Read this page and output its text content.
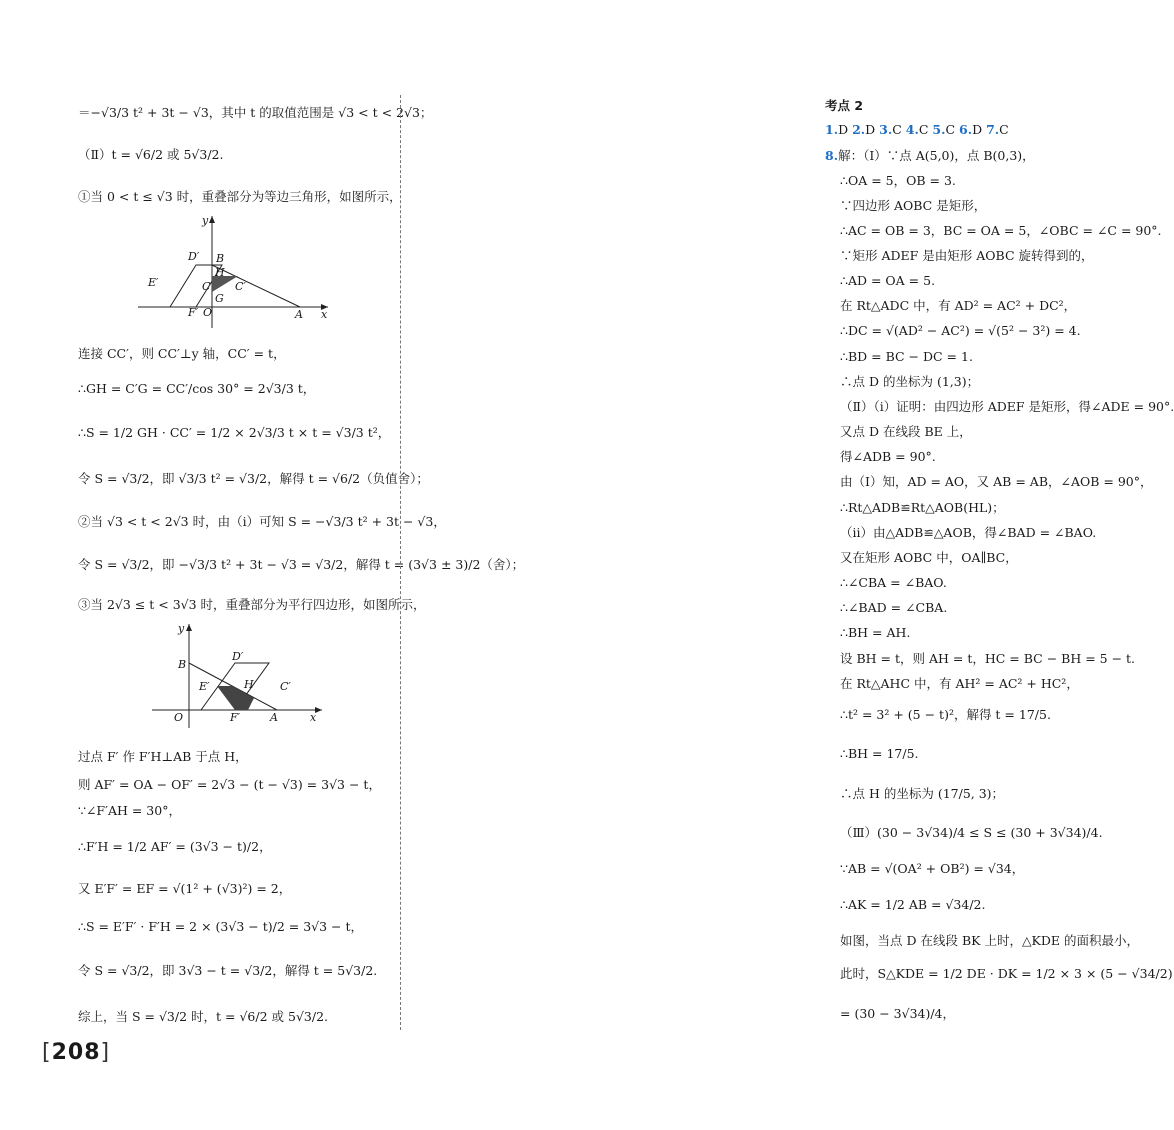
＝−√3/3 t² + 3t − √3，其中 t 的取值范围是 √3 < t < 2√3；
（Ⅱ）t = √6/2 或 5√3/2.
①当 0 < t ≤ √3 时，重叠部分为等边三角形，如图所示，
B
D′
H
E′	C C′
G
F′ O	A x
y
连接 CC′，则 CC′⊥y 轴，CC′ = t，
∴GH = C′G = CC′/cos 30° = 2√3/3 t，
∴S = 1/2 GH · CC′ = 1/2 × 2√3/3 t × t = √3/3 t²，
令 S = √3/2，即 √3/3 t² = √3/2，解得 t = √6/2（负值舍）；
②当 √3 < t < 2√3 时，由（ⅰ）可知 S = −√3/3 t² + 3t − √3，
令 S = √3/2，即 −√3/3 t² + 3t − √3 = √3/2，解得 t = (3√3 ± 3)/2（舍）；
③当 2√3 ≤ t < 3√3 时，重叠部分为平行四边形，如图所示，
B
D′
E′	H C′
O	F′	A	x
y
过点 F′ 作 F′H⊥AB 于点 H，
则 AF′ = OA − OF′ = 2√3 − (t − √3) = 3√3 − t，
∵∠F′AH = 30°，
∴F′H = 1/2 AF′ = (3√3 − t)/2，
又 E′F′ = EF = √(1² + (√3)²) = 2，
∴S = E′F′ · F′H = 2 × (3√3 − t)/2 = 3√3 − t，
令 S = √3/2，即 3√3 − t = √3/2，解得 t = 5√3/2.
综上，当 S = √3/2 时，t = √6/2 或 5√3/2.
考点 2
1.D 2.D 3.C 4.C 5.C 6.D 7.C
8.解：（Ⅰ）∵点 A(5,0)，点 B(0,3)，
∴OA = 5，OB = 3.
∵四边形 AOBC 是矩形，
∴AC = OB = 3，BC = OA = 5，∠OBC = ∠C = 90°.
∵矩形 ADEF 是由矩形 AOBC 旋转得到的，
∴AD = OA = 5.
在 Rt△ADC 中，有 AD² = AC² + DC²，
∴DC = √(AD² − AC²) = √(5² − 3²) = 4.
∴BD = BC − DC = 1.
∴点 D 的坐标为 (1,3)；
（Ⅱ）（ⅰ）证明：由四边形 ADEF 是矩形，得∠ADE = 90°.
又点 D 在线段 BE 上，
得∠ADB = 90°.
由（Ⅰ）知，AD = AO，又 AB = AB，∠AOB = 90°，
∴Rt△ADB≌Rt△AOB(HL)；
（ⅱ）由△ADB≌△AOB，得∠BAD = ∠BAO.
又在矩形 AOBC 中，OA∥BC，
∴∠CBA = ∠BAO.
∴∠BAD = ∠CBA.
∴BH = AH.
设 BH = t，则 AH = t，HC = BC − BH = 5 − t.
在 Rt△AHC 中，有 AH² = AC² + HC²，
∴t² = 3² + (5 − t)²，解得 t = 17/5.
∴BH = 17/5.
∴点 H 的坐标为 (17/5, 3)；
（Ⅲ）(30 − 3√34)/4 ≤ S ≤ (30 + 3√34)/4.
∵AB = √(OA² + OB²) = √34，
∴AK = 1/2 AB = √34/2.
如图，当点 D 在线段 BK 上时，△KDE 的面积最小，
此时，S△KDE = 1/2 DE · DK = 1/2 × 3 × (5 − √34/2)
= (30 − 3√34)/4，
[208]
